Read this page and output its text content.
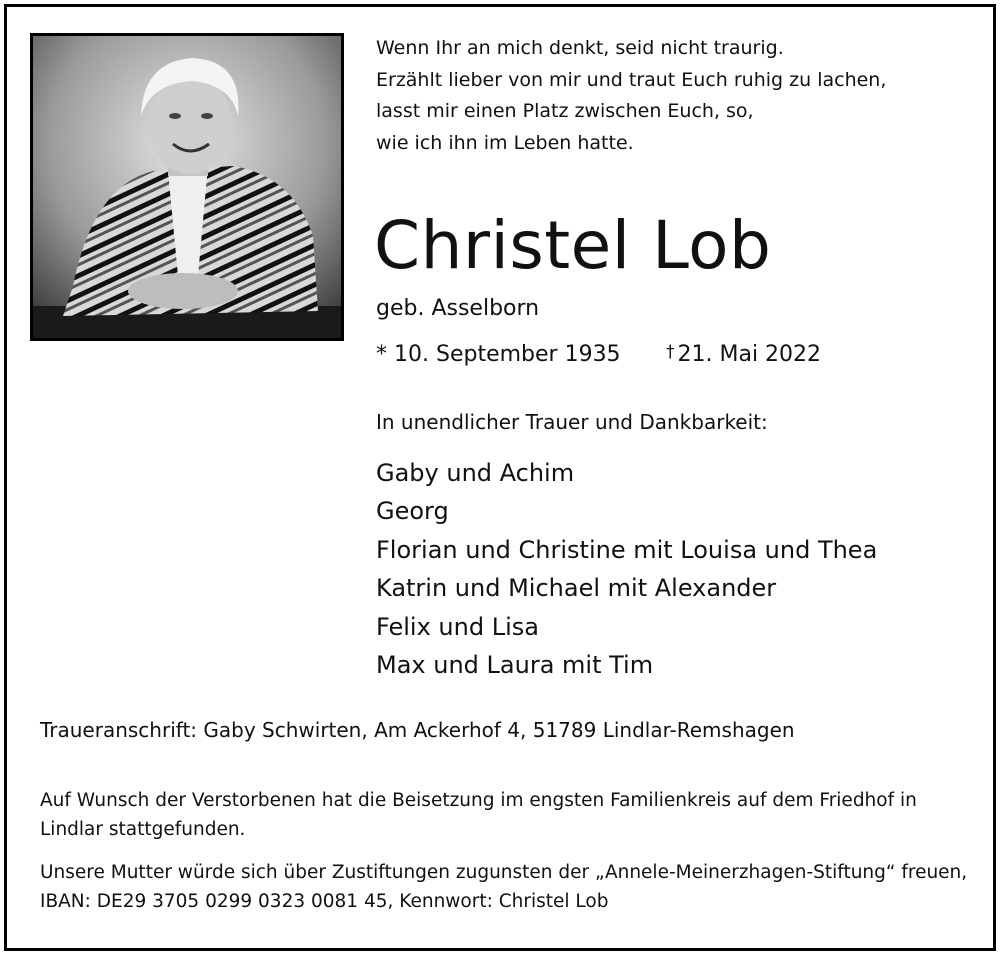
Wenn Ihr an mich denkt, seid nicht traurig.
Erzählt lieber von mir und traut Euch ruhig zu lachen,
lasst mir einen Platz zwischen Euch, so,
wie ich ihn im Leben hatte.
Christel Lob
geb. Asselborn
* 10. September 1935	† 21. Mai 2022
In unendlicher Trauer und Dankbarkeit:
Gaby und Achim
Georg
Florian und Christine mit Louisa und Thea
Katrin und Michael mit Alexander
Felix und Lisa
Max und Laura mit Tim
Traueranschrift: Gaby Schwirten, Am Ackerhof 4, 51789 Lindlar-Remshagen
Auf Wunsch der Verstorbenen hat die Beisetzung im engsten Familienkreis auf dem Friedhof in Lindlar stattgefunden.
Unsere Mutter würde sich über Zustiftungen zugunsten der „Annele-Meinerzhagen-Stiftung“ freuen, IBAN: DE29 3705 0299 0323 0081 45, Kennwort: Christel Lob
